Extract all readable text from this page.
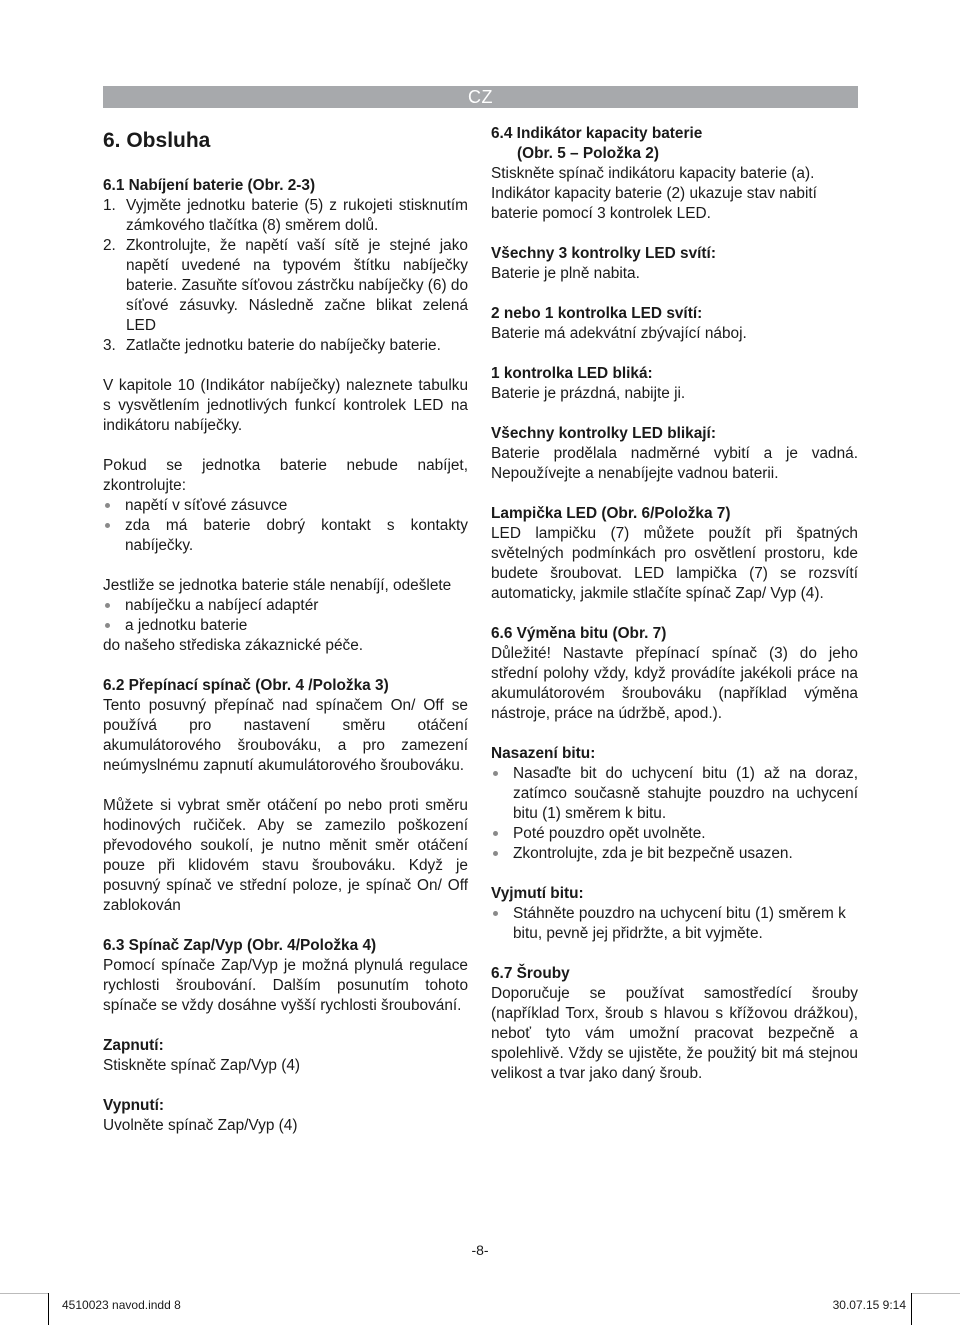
CZ
6. Obsluha
6.1 Nabíjení baterie (Obr. 2-3)
1. Vyjměte jednotku baterie (5) z rukojeti stisknutím zámkového tlačítka (8) směrem dolů.
2. Zkontrolujte, že napětí vaší sítě je stejné jako napětí uvedené na typovém štítku nabíječky baterie. Zasuňte síťovou zástrčku nabíječky (6) do síťové zásuvky. Následně začne blikat zelená LED
3. Zatlačte jednotku baterie do nabíječky baterie.

V kapitole 10 (Indikátor nabíječky) naleznete tabulku s vysvětlením jednotlivých funkcí kontrolek LED na indikátoru nabíječky.

Pokud se jednotka baterie nebude nabíjet, zkontrolujte:

napětí v síťové zásuvce
zda má baterie dobrý kontakt s kontakty nabíječky.

Jestliže se jednotka baterie stále nenabíjí, odešlete

nabíječku a nabíjecí adaptér
a jednotku baterie

do našeho střediska zákaznické péče.

6.2 Přepínací spínač (Obr. 4 /Položka 3)

Tento posuvný přepínač nad spínačem On/ Off se používá pro nastavení směru otáčení akumulátorového šroubováku, a pro zamezení neúmyslnému zapnutí akumulátorového šroubováku.

Můžete si vybrat směr otáčení po nebo proti směru hodinových ručiček. Aby se zamezilo poškození převodového soukolí, je nutno měnit směr otáčení pouze při klidovém stavu šroubováku. Když je posuvný spínač ve střední poloze, je spínač On/ Off zablokován

6.3 Spínač Zap/Vyp (Obr. 4/Položka 4)

Pomocí spínače Zap/Vyp je možná plynulá regulace rychlosti šroubování. Dalším posunutím tohoto spínače se vždy dosáhne vyšší rychlosti šroubování.

Zapnutí:

Stiskněte spínač Zap/Vyp (4)

Vypnutí:

Uvolněte spínač Zap/Vyp (4)

6.4 Indikátor kapacity baterie
(Obr. 5 – Položka 2)

Stiskněte spínač indikátoru kapacity baterie (a). Indikátor kapacity baterie (2) ukazuje stav nabití baterie pomocí 3 kontrolek LED.

Všechny 3 kontrolky LED svítí:

Baterie je plně nabita.

2 nebo 1 kontrolka LED svítí:

Baterie má adekvátní zbývající náboj.

1 kontrolka LED bliká:

Baterie je prázdná, nabijte ji.

Všechny kontrolky LED blikají:

Baterie prodělala nadměrné vybití a je vadná. Nepoužívejte a nenabíjejte vadnou baterii.

Lampička LED (Obr. 6/Položka 7)

LED lampičku (7) můžete použít při špatných světelných podmínkách pro osvětlení prostoru, kde budete šroubovat. LED lampička (7) se rozsvítí automaticky, jakmile stlačíte spínač Zap/ Vyp (4).

6.6 Výměna bitu (Obr. 7)

Důležité! Nastavte přepínací spínač (3) do jeho střední polohy vždy, když provádíte jakékoli práce na akumulátorovém šroubováku (například výměna nástroje, práce na údržbě, apod.).

Nasazení bitu:
Nasaďte bit do uchycení bitu (1) až na doraz, zatímco současně stahujte pouzdro na uchycení bitu (1) směrem k bitu.
Poté pouzdro opět uvolněte.
Zkontrolujte, zda je bit bezpečně usazen.
Vyjmutí bitu:
Stáhněte pouzdro na uchycení bitu (1) směrem k bitu, pevně jej přidržte, a bit vyjměte.
6.7 Šrouby

Doporučuje se používat samostředící šrouby (například Torx, šroub s hlavou s křížovou drážkou), neboť tyto vám umožní pracovat bezpečně a spolehlivě. Vždy se ujistěte, že použitý bit má stejnou velikost a tvar jako daný šroub.

-8-
4510023 navod.indd 8	30.07.15 9:14
